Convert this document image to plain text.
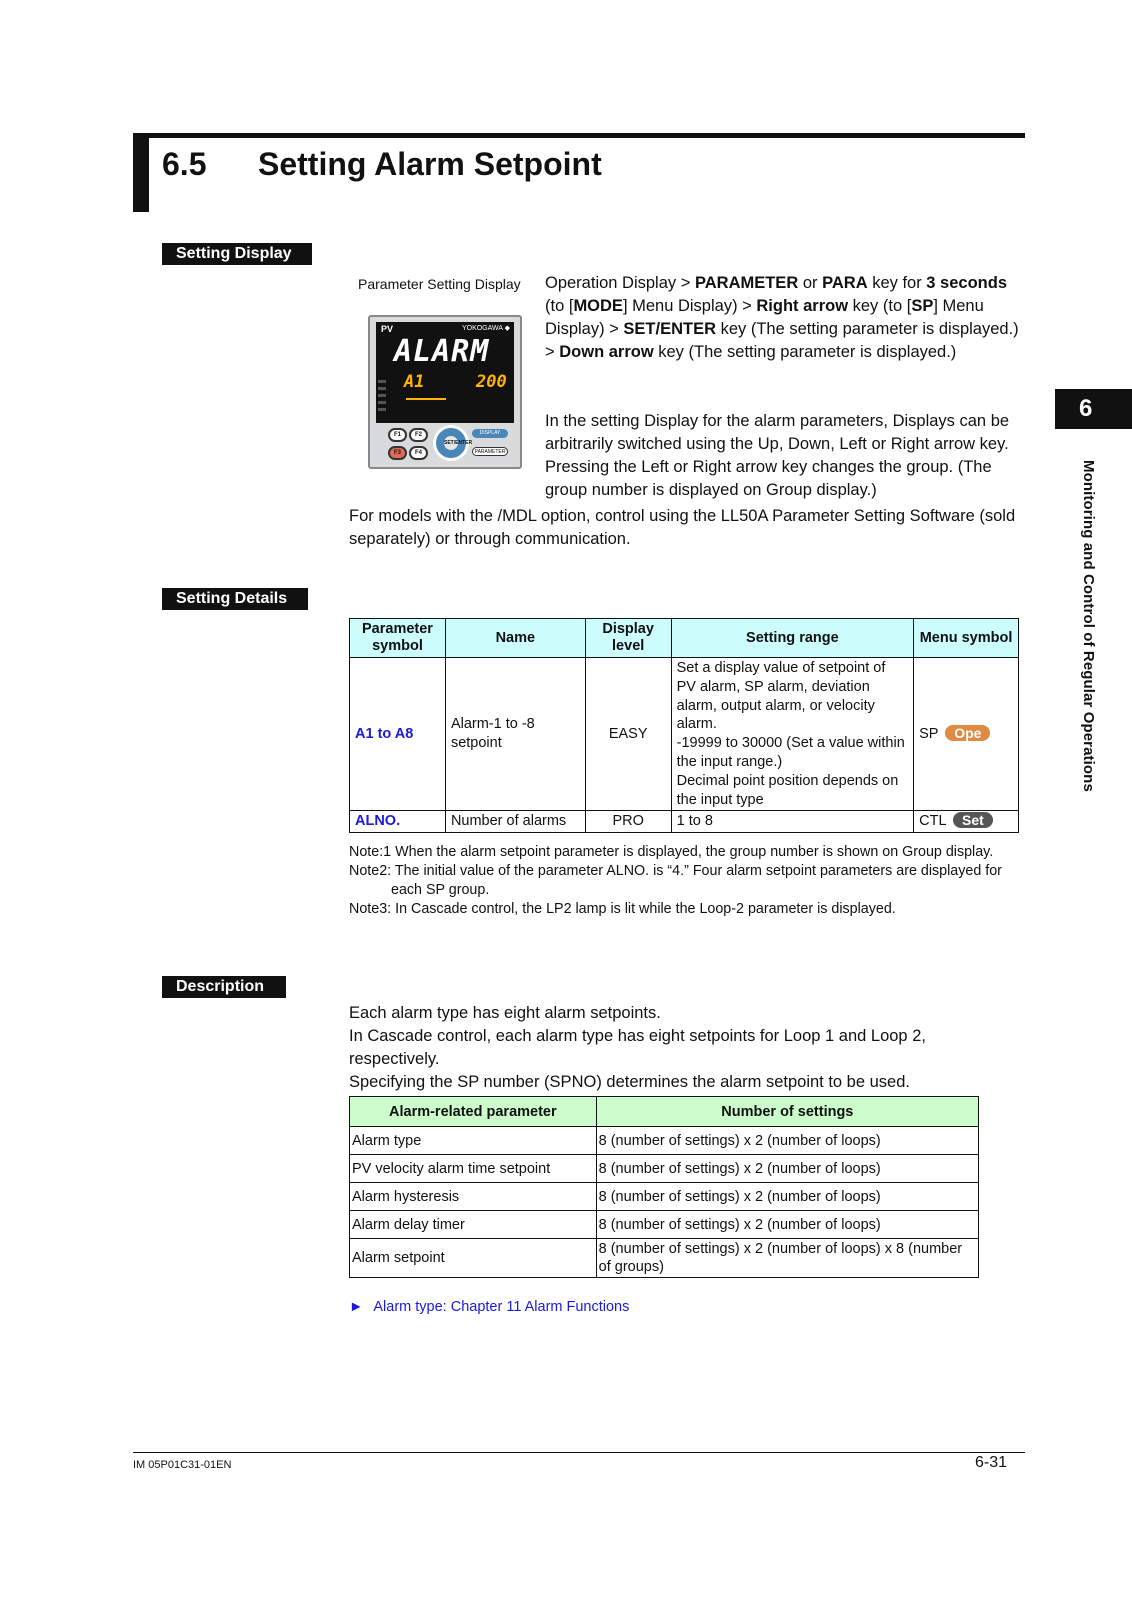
6.5 Setting Alarm Setpoint
6
Monitoring and Control of Regular Operations
Setting Display
Parameter Setting Display
PV	YOKOGAWA ◆
ALARM
A1	200
F1	F2
F3	F4
SET/ENTER
DISPLAY
PARAMETER
Operation Display > PARAMETER or PARA key for 3 seconds (to [MODE] Menu Display) > Right arrow key (to [SP] Menu Display) > SET/ENTER key (The setting parameter is displayed.) > Down arrow key (The setting parameter is displayed.)
In the setting Display for the alarm parameters, Displays can be arbitrarily switched using the Up, Down, Left or Right arrow key. Pressing the Left or Right arrow key changes the group. (The group number is displayed on Group display.)
For models with the /MDL option, control using the LL50A Parameter Setting Software (sold separately) or through communication.
Setting Details
Parameter symbol	Name	Display level	Setting range	Menu symbol
A1 to A8	Alarm-1 to -8 setpoint	EASY	Set a display value of setpoint of PV alarm, SP alarm, deviation alarm, output alarm, or velocity alarm.
-19999 to 30000 (Set a value within the input range.)
Decimal point position depends on the input type	SP Ope
ALNO.	Number of alarms	PRO	1 to 8	CTL Set
Note:1 When the alarm setpoint parameter is displayed, the group number is shown on Group display.
Note2: The initial value of the parameter ALNO. is “4.” Four alarm setpoint parameters are displayed for each SP group.
Note3: In Cascade control, the LP2 lamp is lit while the Loop-2 parameter is displayed.
Description
Each alarm type has eight alarm setpoints.
In Cascade control, each alarm type has eight setpoints for Loop 1 and Loop 2, respectively.
Specifying the SP number (SPNO) determines the alarm setpoint to be used.
Alarm-related parameter	Number of settings
Alarm type	8 (number of settings) x 2 (number of loops)
PV velocity alarm time setpoint	8 (number of settings) x 2 (number of loops)
Alarm hysteresis	8 (number of settings) x 2 (number of loops)
Alarm delay timer	8 (number of settings) x 2 (number of loops)
Alarm setpoint	8 (number of settings) x 2 (number of loops) x 8 (number of groups)
► Alarm type: Chapter 11 Alarm Functions
IM 05P01C31-01EN	6-31
